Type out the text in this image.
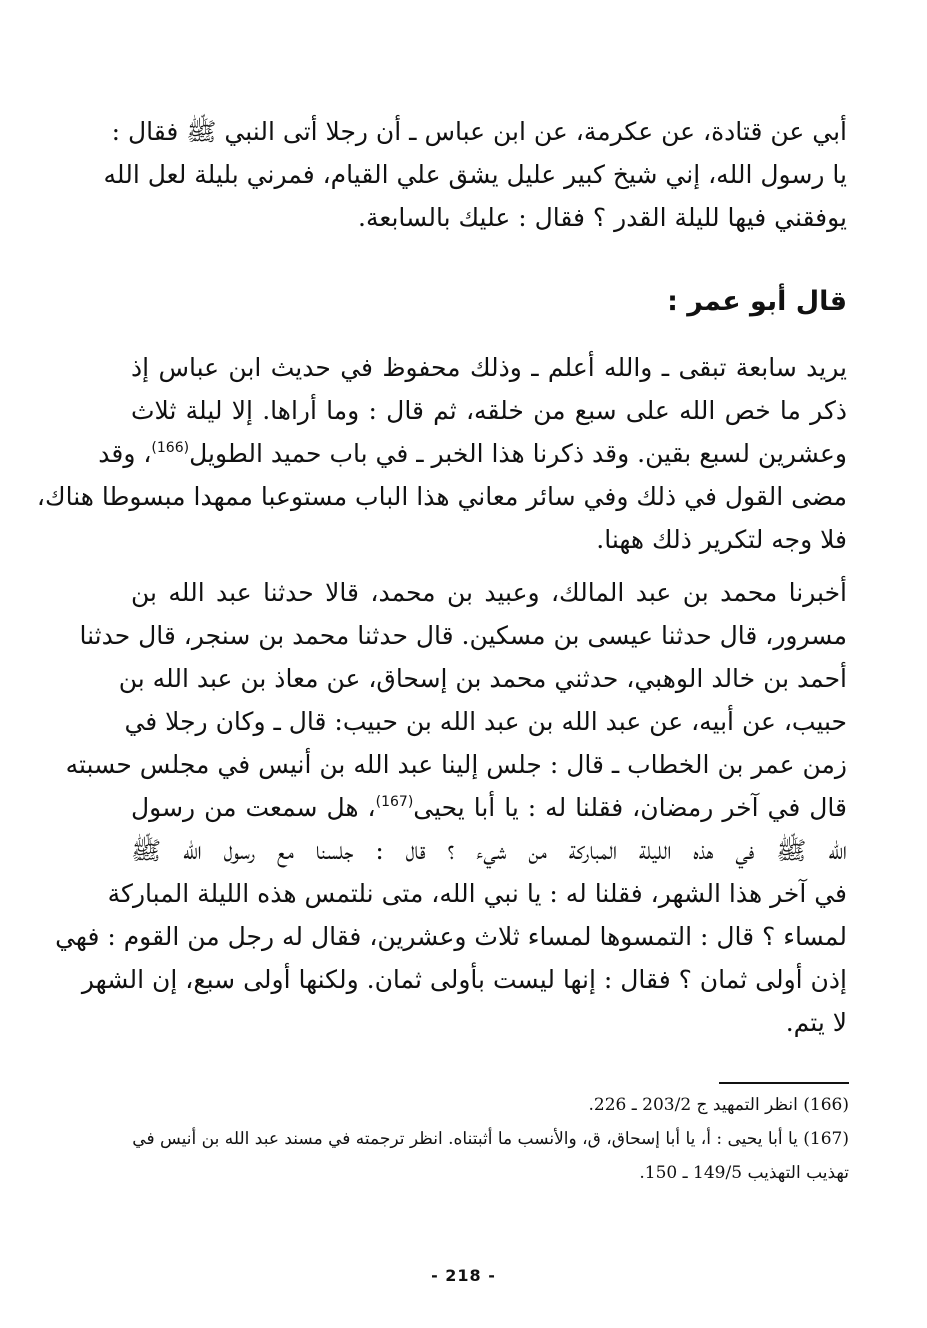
أبي عن قتادة، عن عكرمة، عن ابن عباس ـ أن رجلا أتى النبي ﷺ فقال :
يا رسول الله، إني شيخ كبير عليل يشق علي القيام، فمرني بليلة لعل الله
يوفقني فيها لليلة القدر ؟ فقال : عليك بالسابعة.
قال أبو عمر :
يريد سابعة تبقى ـ والله أعلم ـ وذلك محفوظ في حديث ابن عباس إذ
ذكر ما خص الله على سبع من خلقه، ثم قال : وما أراها. إلا ليلة ثلاث
وعشرين لسبع بقين. وقد ذكرنا هذا الخبر ـ في باب حميد الطويل$^{(166)}$، وقد
مضى القول في ذلك وفي سائر معاني هذا الباب مستوعبا ممهدا مبسوطا هناك،
فلا وجه لتكرير ذلك ههنا.
أخبرنا محمد بن عبد المالك، وعبيد بن محمد، قالا حدثنا عبد الله بن
مسرور، قال حدثنا عيسى بن مسكين. قال حدثنا محمد بن سنجر، قال حدثنا
أحمد بن خالد الوهبي، حدثني محمد بن إسحاق، عن معاذ بن عبد الله بن
حبيب، عن أبيه، عن عبد الله بن عبد الله بن حبيب: قال ـ وكان رجلا في
زمن عمر بن الخطاب ـ قال : جلس إلينا عبد الله بن أنيس في مجلس حسبته
قال في آخر رمضان، فقلنا له : يا أبا يحيى$^{(167)}$، هل سمعت من رسول
الله ﷺ في هذه الليلة المباركة من شيء ؟ قال : جلسنا مع رسول الله ﷺ
في آخر هذا الشهر، فقلنا له : يا نبي الله، متى نلتمس هذه الليلة المباركة
لمساء ؟ قال : التمسوها لمساء ثلاث وعشرين، فقال له رجل من القوم : فهي
إذن أولى ثمان ؟ فقال : إنها ليست بأولى ثمان. ولكنها أولى سبع، إن الشهر
لا يتم.
(166) انظر التمهيد ج 203/2 ـ 226.
(167) يا أبا يحيى : أ، يا أبا إسحاق، ق، والأنسب ما أثبتناه. انظر ترجمته في مسند عبد الله بن أنيس في
تهذيب التهذيب 149/5 ـ 150.
- 218 -
